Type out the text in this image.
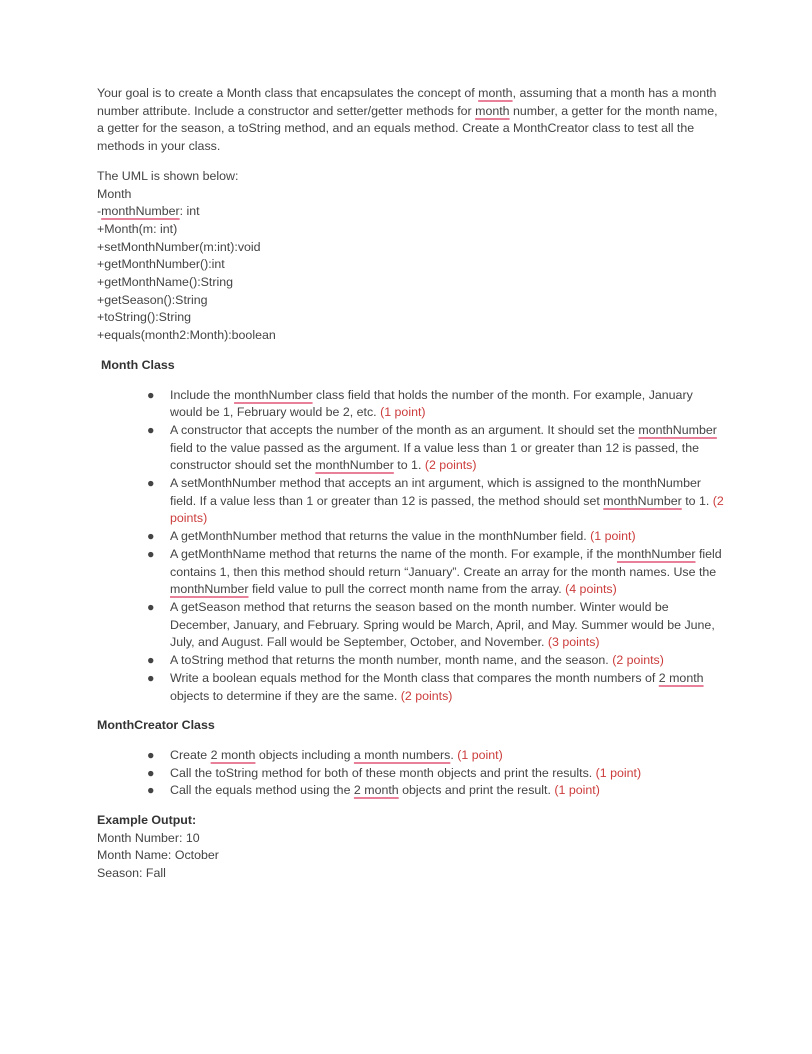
Your goal is to create a Month class that encapsulates the concept of month, assuming that a month has a month number attribute. Include a constructor and setter/getter methods for month number, a getter for the month name, a getter for the season, a toString method, and an equals method. Create a MonthCreator class to test all the methods in your class.

The UML is shown below:

Month

-monthNumber: int

+Month(m: int)

+setMonthNumber(m:int):void

+getMonthNumber():int

+getMonthName():String

+getSeason():String

+toString():String

+equals(month2:Month):boolean

Month Class

● Include the monthNumber class field that holds the number of the month. For example, January would be 1, February would be 2, etc. (1 point)
● A constructor that accepts the number of the month as an argument. It should set the monthNumber field to the value passed as the argument. If a value less than 1 or greater than 12 is passed, the constructor should set the monthNumber to 1. (2 points)
● A setMonthNumber method that accepts an int argument, which is assigned to the monthNumber field. If a value less than 1 or greater than 12 is passed, the method should set monthNumber to 1. (2 points)
● A getMonthNumber method that returns the value in the monthNumber field. (1 point)
● A getMonthName method that returns the name of the month. For example, if the monthNumber field contains 1, then this method should return “January”. Create an array for the month names. Use the monthNumber field value to pull the correct month name from the array. (4 points)
● A getSeason method that returns the season based on the month number. Winter would be December, January, and February. Spring would be March, April, and May. Summer would be June, July, and August. Fall would be September, October, and November. (3 points)
● A toString method that returns the month number, month name, and the season. (2 points)
● Write a boolean equals method for the Month class that compares the month numbers of 2 month objects to determine if they are the same. (2 points)

MonthCreator Class

● Create 2 month objects including a month numbers. (1 point)
● Call the toString method for both of these month objects and print the results. (1 point)
● Call the equals method using the 2 month objects and print the result. (1 point)

Example Output:

Month Number: 10

Month Name: October

Season: Fall
